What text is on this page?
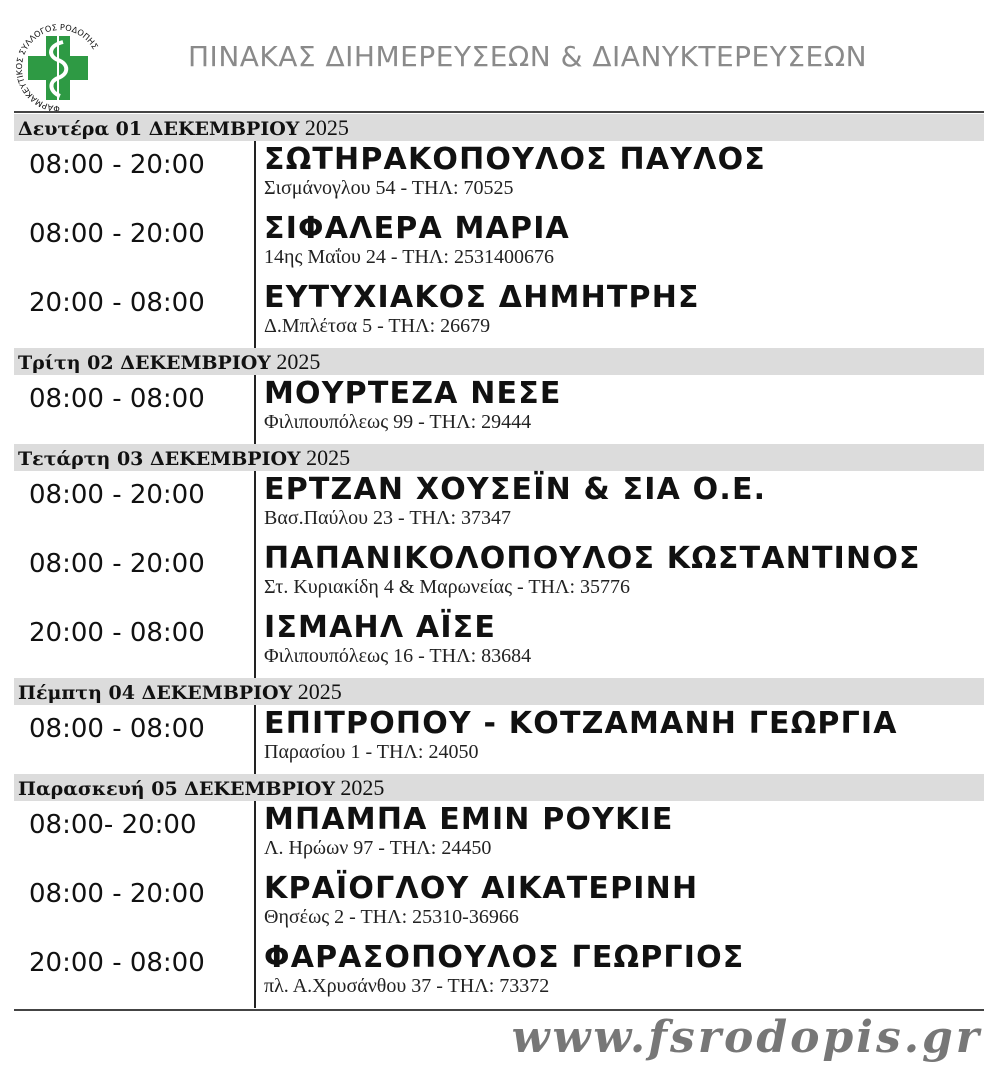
ΦΑΡΜΑΚΕΥΤΙΚΟΣ ΣΥΛΛΟΓΟΣ ΡΟΔΟΠΗΣ	ΠΙΝΑΚΑΣ ΔΙΗΜΕΡΕΥΣΕΩΝ & ΔΙΑΝΥΚΤΕΡΕΥΣΕΩΝ
Δευτέρα 01 ΔΕΚΕΜΒΡΙΟΥ 2025
08:00 - 20:00	ΣΩΤΗΡΑΚΟΠΟΥΛΟΣ ΠΑΥΛΟΣ
Σισμάνογλου 54 - ΤΗΛ: 70525
08:00 - 20:00	ΣΙΦΑΛΕΡΑ ΜΑΡΙΑ
14ης Μαΐου 24 - ΤΗΛ: 2531400676
20:00 - 08:00	ΕΥΤΥΧΙΑΚΟΣ ΔΗΜΗΤΡΗΣ
Δ.Μπλέτσα 5 - ΤΗΛ: 26679
Τρίτη 02 ΔΕΚΕΜΒΡΙΟΥ 2025
08:00 - 08:00	ΜΟΥΡΤΕΖΑ ΝΕΣΕ
Φιλιπουπόλεως 99 - ΤΗΛ: 29444
Τετάρτη 03 ΔΕΚΕΜΒΡΙΟΥ 2025
08:00 - 20:00	ΕΡΤΖΑΝ ΧΟΥΣΕΪΝ & ΣΙΑ Ο.Ε.
Βασ.Παύλου 23 - ΤΗΛ: 37347
08:00 - 20:00	ΠΑΠΑΝΙΚΟΛΟΠΟΥΛΟΣ ΚΩΣΤΑΝΤΙΝΟΣ
Στ. Κυριακίδη 4 & Μαρωνείας - ΤΗΛ: 35776
20:00 - 08:00	ΙΣΜΑΗΛ ΑΪΣΕ
Φιλιπουπόλεως 16 - ΤΗΛ: 83684
Πέμπτη 04 ΔΕΚΕΜΒΡΙΟΥ 2025
08:00 - 08:00	ΕΠΙΤΡΟΠΟΥ - ΚΟΤΖΑΜΑΝΗ ΓΕΩΡΓΙΑ
Παρασίου 1 - ΤΗΛ: 24050
Παρασκευή 05 ΔΕΚΕΜΒΡΙΟΥ 2025
08:00- 20:00	ΜΠΑΜΠΑ ΕΜΙΝ ΡΟΥΚΙΕ
Λ. Ηρώων 97 - ΤΗΛ: 24450
08:00 - 20:00	ΚΡΑΪΟΓΛΟΥ ΑΙΚΑΤΕΡΙΝΗ
Θησέως 2 - ΤΗΛ: 25310-36966
20:00 - 08:00	ΦΑΡΑΣΟΠΟΥΛΟΣ ΓΕΩΡΓΙΟΣ
πλ. Α.Χρυσάνθου 37 - ΤΗΛ: 73372
www.fsrodopis.gr
